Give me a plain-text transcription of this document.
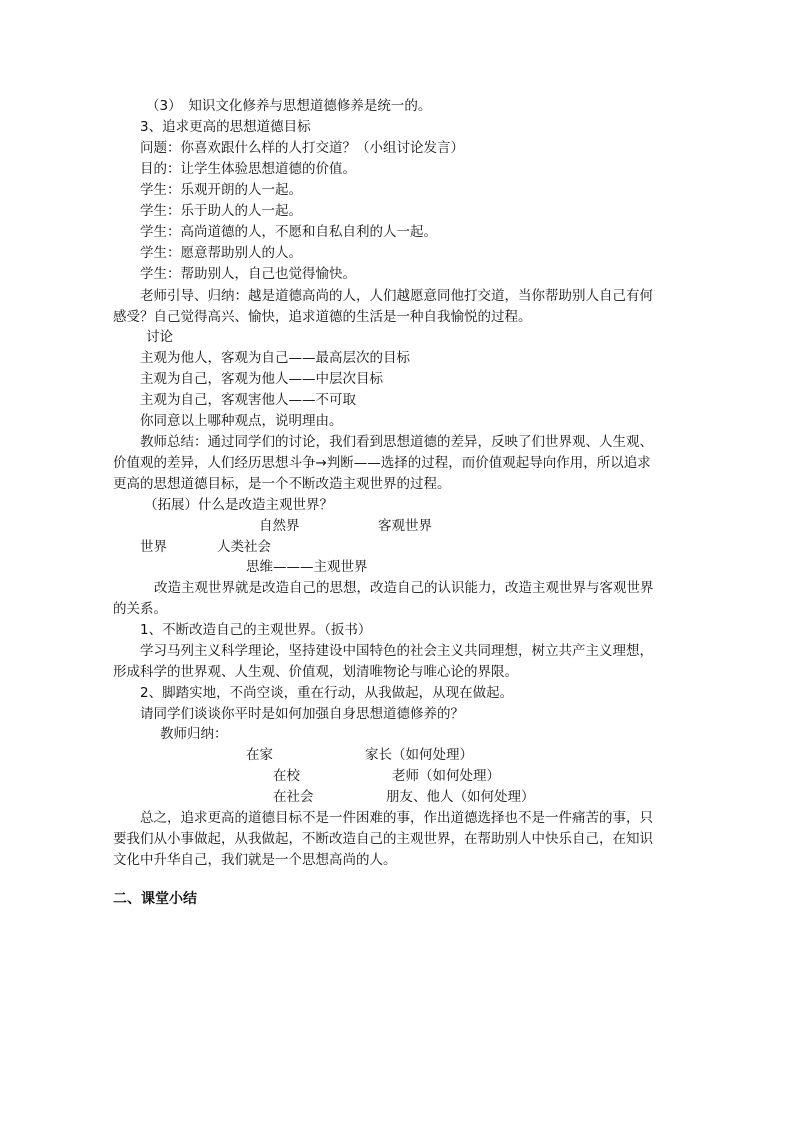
（3）　知识文化修养与思想道德修养是统一的。
3、追求更高的思想道德目标
问题：你喜欢跟什么样的人打交道？（小组讨论发言）
目的：让学生体验思想道德的价值。
学生：乐观开朗的人一起。
学生：乐于助人的人一起。
学生：高尚道德的人，不愿和自私自利的人一起。
学生：愿意帮助别人的人。
学生：帮助别人，自己也觉得愉快。
老师引导、归纳：越是道德高尚的人，人们越愿意同他打交道，当你帮助别人自己有何
感受？自己觉得高兴、愉快，追求道德的生活是一种自我愉悦的过程。
讨论
主观为他人，客观为自己——最高层次的目标
主观为自己，客观为他人——中层次目标
主观为自己，客观害他人——不可取
你同意以上哪种观点，说明理由。
教师总结：通过同学们的讨论，我们看到思想道德的差异，反映了们世界观、人生观、
价值观的差异，人们经历思想斗争→判断——选择的过程，而价值观起导向作用，所以追求
更高的思想道德目标，是一个不断改造主观世界的过程。
（拓展）什么是改造主观世界？
自然界	客观世界
世界	人类社会
思维———主观世界
改造主观世界就是改造自己的思想，改造自己的认识能力，改造主观世界与客观世界
的关系。
1、不断改造自己的主观世界。（扳书）
学习马列主义科学理论，坚持建设中国特色的社会主义共同理想，树立共产主义理想，
形成科学的世界观、人生观、价值观，划清唯物论与唯心论的界限。
2、脚踏实地，不尚空谈，重在行动，从我做起，从现在做起。
请同学们谈谈你平时是如何加强自身思想道德修养的？
教师归纳：
在家	家长（如何处理）
在校	老师（如何处理）
在社会	朋友、他人（如何处理）
总之，追求更高的道德目标不是一件困难的事，作出道德选择也不是一件痛苦的事，只
要我们从小事做起，从我做起，不断改造自己的主观世界，在帮助别人中快乐自己，在知识
文化中升华自己，我们就是一个思想高尚的人。
二、课堂小结
